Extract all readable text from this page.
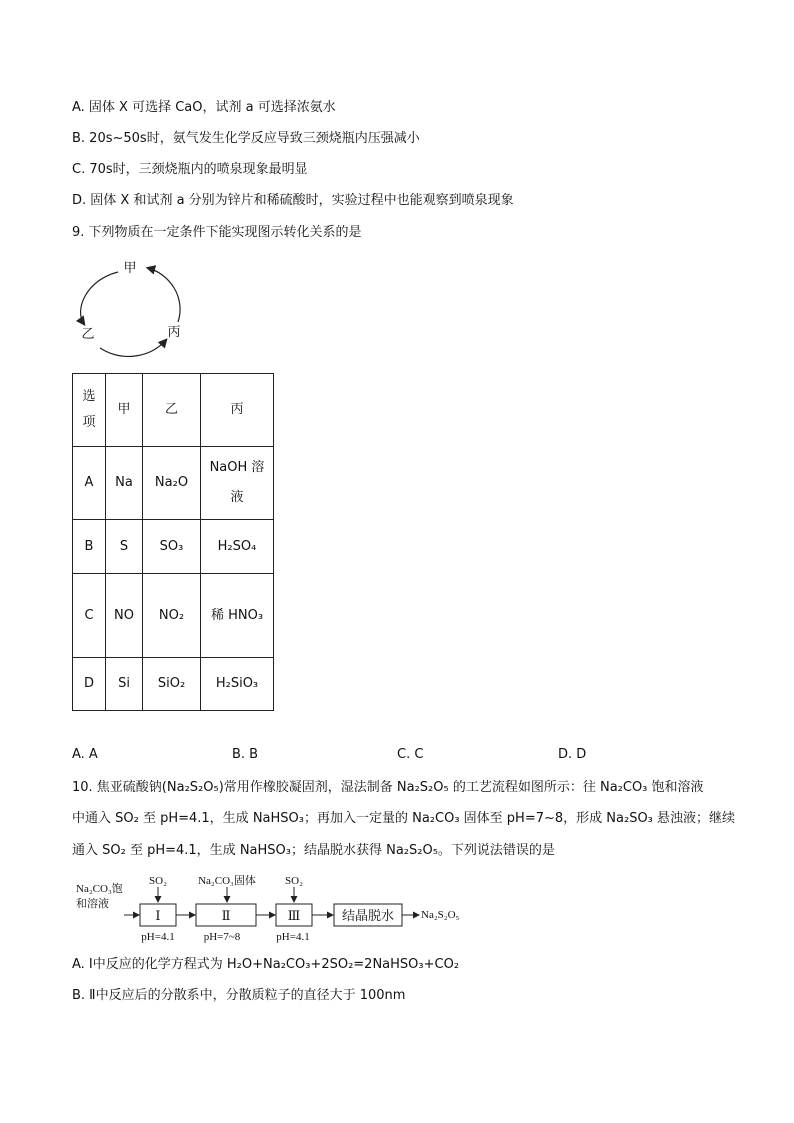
A. 固体 X 可选择 CaO，试剂 a 可选择浓氨水
B. 20s~50s时，氨气发生化学反应导致三颈烧瓶内压强减小
C. 70s时，三颈烧瓶内的喷泉现象最明显
D. 固体 X 和试剂 a 分别为锌片和稀硫酸时，实验过程中也能观察到喷泉现象
9. 下列物质在一定条件下能实现图示转化关系的是
甲
乙	丙
选项	甲	乙	丙
A	Na	Na₂O	NaOH 溶液
B	S	SO₃	H₂SO₄
C	NO	NO₂	稀 HNO₃
D	Si	SiO₂	H₂SiO₃
A. A	B. B	C. C	D. D
10. 焦亚硫酸钠(Na₂S₂O₅)常用作橡胶凝固剂，湿法制备 Na₂S₂O₅ 的工艺流程如图所示：往 Na₂CO₃ 饱和溶液
中通入 SO₂ 至 pH=4.1，生成 NaHSO₃；再加入一定量的 Na₂CO₃ 固体至 pH=7~8，形成 Na₂SO₃ 悬浊液；继续
通入 SO₂ 至 pH=4.1，生成 NaHSO₃；结晶脱水获得 Na₂S₂O₅。下列说法错误的是
Na₂CO₃饱
和溶液
SO₂	Na₂CO₃固体	SO₂
pH=4.1	pH=7~8	pH=4.1
Na₂S₂O₅
Ⅰ	Ⅱ	Ⅲ	结晶脱水
A. Ⅰ中反应的化学方程式为 H₂O+Na₂CO₃+2SO₂=2NaHSO₃+CO₂
B. Ⅱ中反应后的分散系中，分散质粒子的直径大于 100nm
